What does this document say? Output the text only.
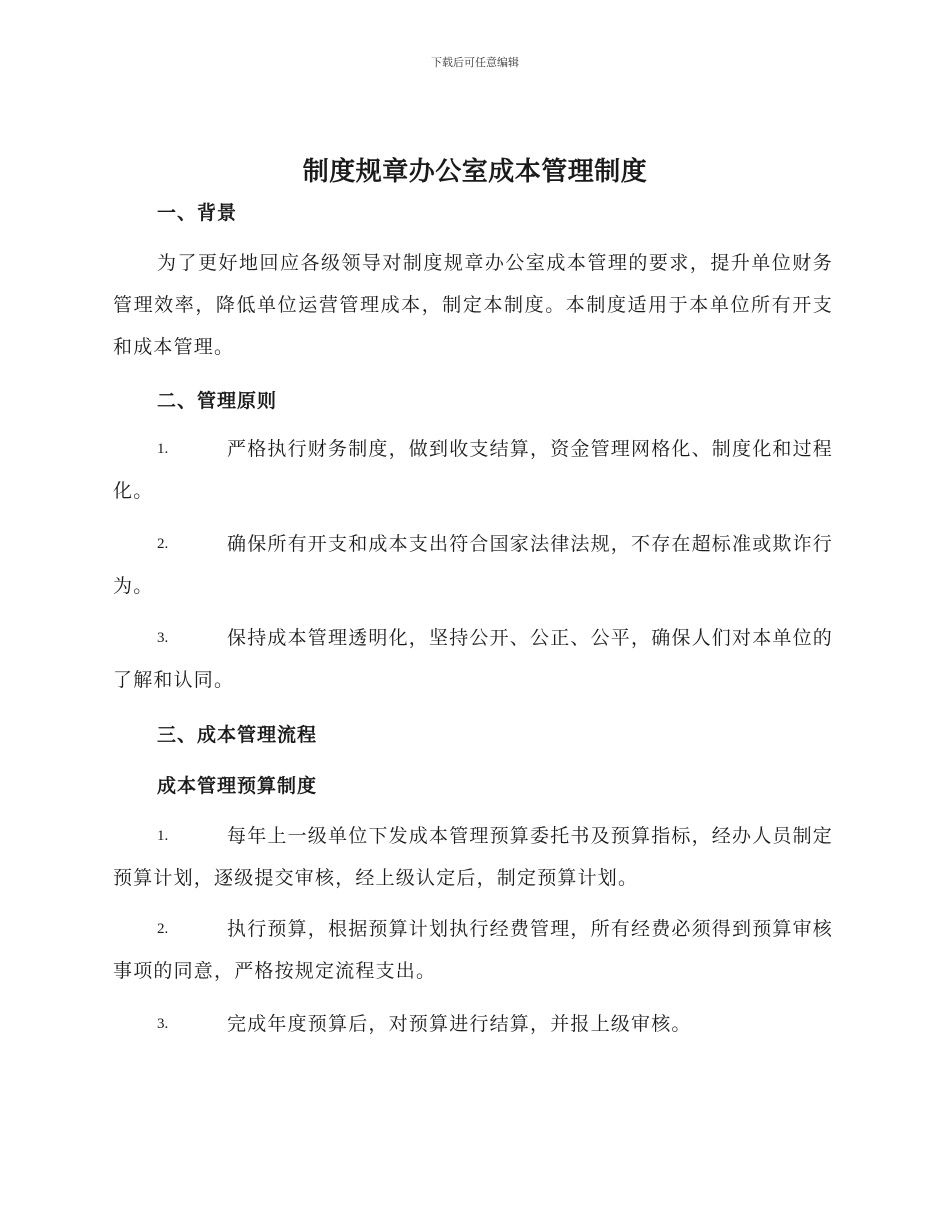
下载后可任意编辑
制度规章办公室成本管理制度
一、背景
为了更好地回应各级领导对制度规章办公室成本管理的要求，提升单位财务管理效率，降低单位运营管理成本，制定本制度。本制度适用于本单位所有开支和成本管理。
二、管理原则
1.	严格执行财务制度，做到收支结算，资金管理网格化、制度化和过程化。
2.	确保所有开支和成本支出符合国家法律法规，不存在超标准或欺诈行为。
3.	保持成本管理透明化，坚持公开、公正、公平，确保人们对本单位的了解和认同。
三、成本管理流程
成本管理预算制度
1.	每年上一级单位下发成本管理预算委托书及预算指标，经办人员制定预算计划，逐级提交审核，经上级认定后，制定预算计划。
2.	执行预算，根据预算计划执行经费管理，所有经费必须得到预算审核事项的同意，严格按规定流程支出。
3.	完成年度预算后，对预算进行结算，并报上级审核。
